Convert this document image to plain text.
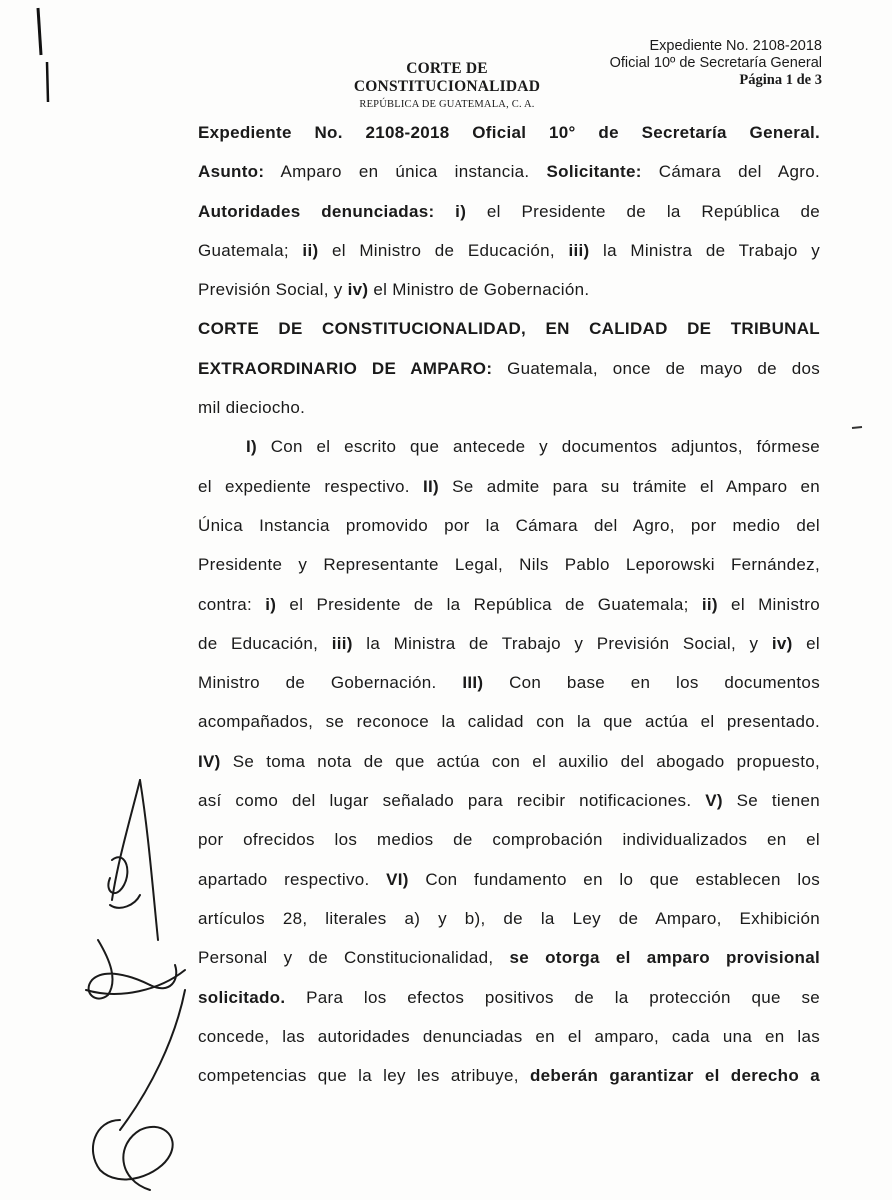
CORTE DE CONSTITUCIONALIDAD
REPÚBLICA DE GUATEMALA, C. A.
Expediente No. 2108-2018
Oficial 10º de Secretaría General
Página 1 de 3
Expediente No. 2108-2018 Oficial 10° de Secretaría General.
Asunto: Amparo en única instancia. Solicitante: Cámara del Agro.
Autoridades denunciadas: i) el Presidente de la República de
Guatemala; ii) el Ministro de Educación, iii) la Ministra de Trabajo y
Previsión Social, y iv) el Ministro de Gobernación.
CORTE DE CONSTITUCIONALIDAD, EN CALIDAD DE TRIBUNAL
EXTRAORDINARIO DE AMPARO: Guatemala, once de mayo de dos
mil dieciocho.
I) Con el escrito que antecede y documentos adjuntos, fórmese
el expediente respectivo. II) Se admite para su trámite el Amparo en
Única Instancia promovido por la Cámara del Agro, por medio del
Presidente y Representante Legal, Nils Pablo Leporowski Fernández,
contra: i) el Presidente de la República de Guatemala; ii) el Ministro
de Educación, iii) la Ministra de Trabajo y Previsión Social, y iv) el
Ministro de Gobernación. III) Con base en los documentos
acompañados, se reconoce la calidad con la que actúa el presentado.
IV) Se toma nota de que actúa con el auxilio del abogado propuesto,
así como del lugar señalado para recibir notificaciones. V) Se tienen
por ofrecidos los medios de comprobación individualizados en el
apartado respectivo. VI) Con fundamento en lo que establecen los
artículos 28, literales a) y b), de la Ley de Amparo, Exhibición
Personal y de Constitucionalidad, se otorga el amparo provisional
solicitado. Para los efectos positivos de la protección que se
concede, las autoridades denunciadas en el amparo, cada una en las
competencias que la ley les atribuye, deberán garantizar el derecho a
